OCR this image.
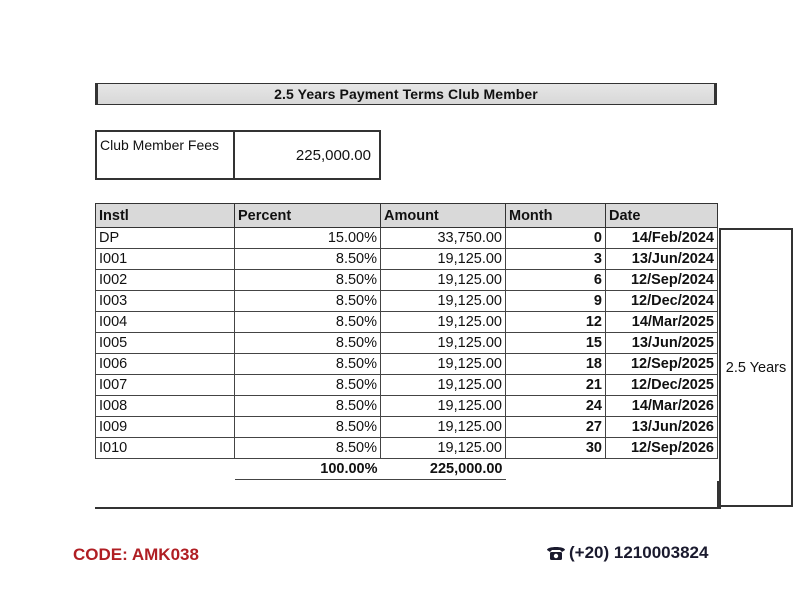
2.5 Years Payment Terms Club Member
Club Member Fees
225,000.00
Instl	Percent	Amount	Month	Date
DP	15.00%	33,750.00	0	14/Feb/2024
I001	8.50%	19,125.00	3	13/Jun/2024
I002	8.50%	19,125.00	6	12/Sep/2024
I003	8.50%	19,125.00	9	12/Dec/2024
I004	8.50%	19,125.00	12	14/Mar/2025
I005	8.50%	19,125.00	15	13/Jun/2025
I006	8.50%	19,125.00	18	12/Sep/2025
I007	8.50%	19,125.00	21	12/Dec/2025
I008	8.50%	19,125.00	24	14/Mar/2026
I009	8.50%	19,125.00	27	13/Jun/2026
I010	8.50%	19,125.00	30	12/Sep/2026
	100.00%	225,000.00		
2.5 Years
CODE: AMK038	(+20) 1210003824
